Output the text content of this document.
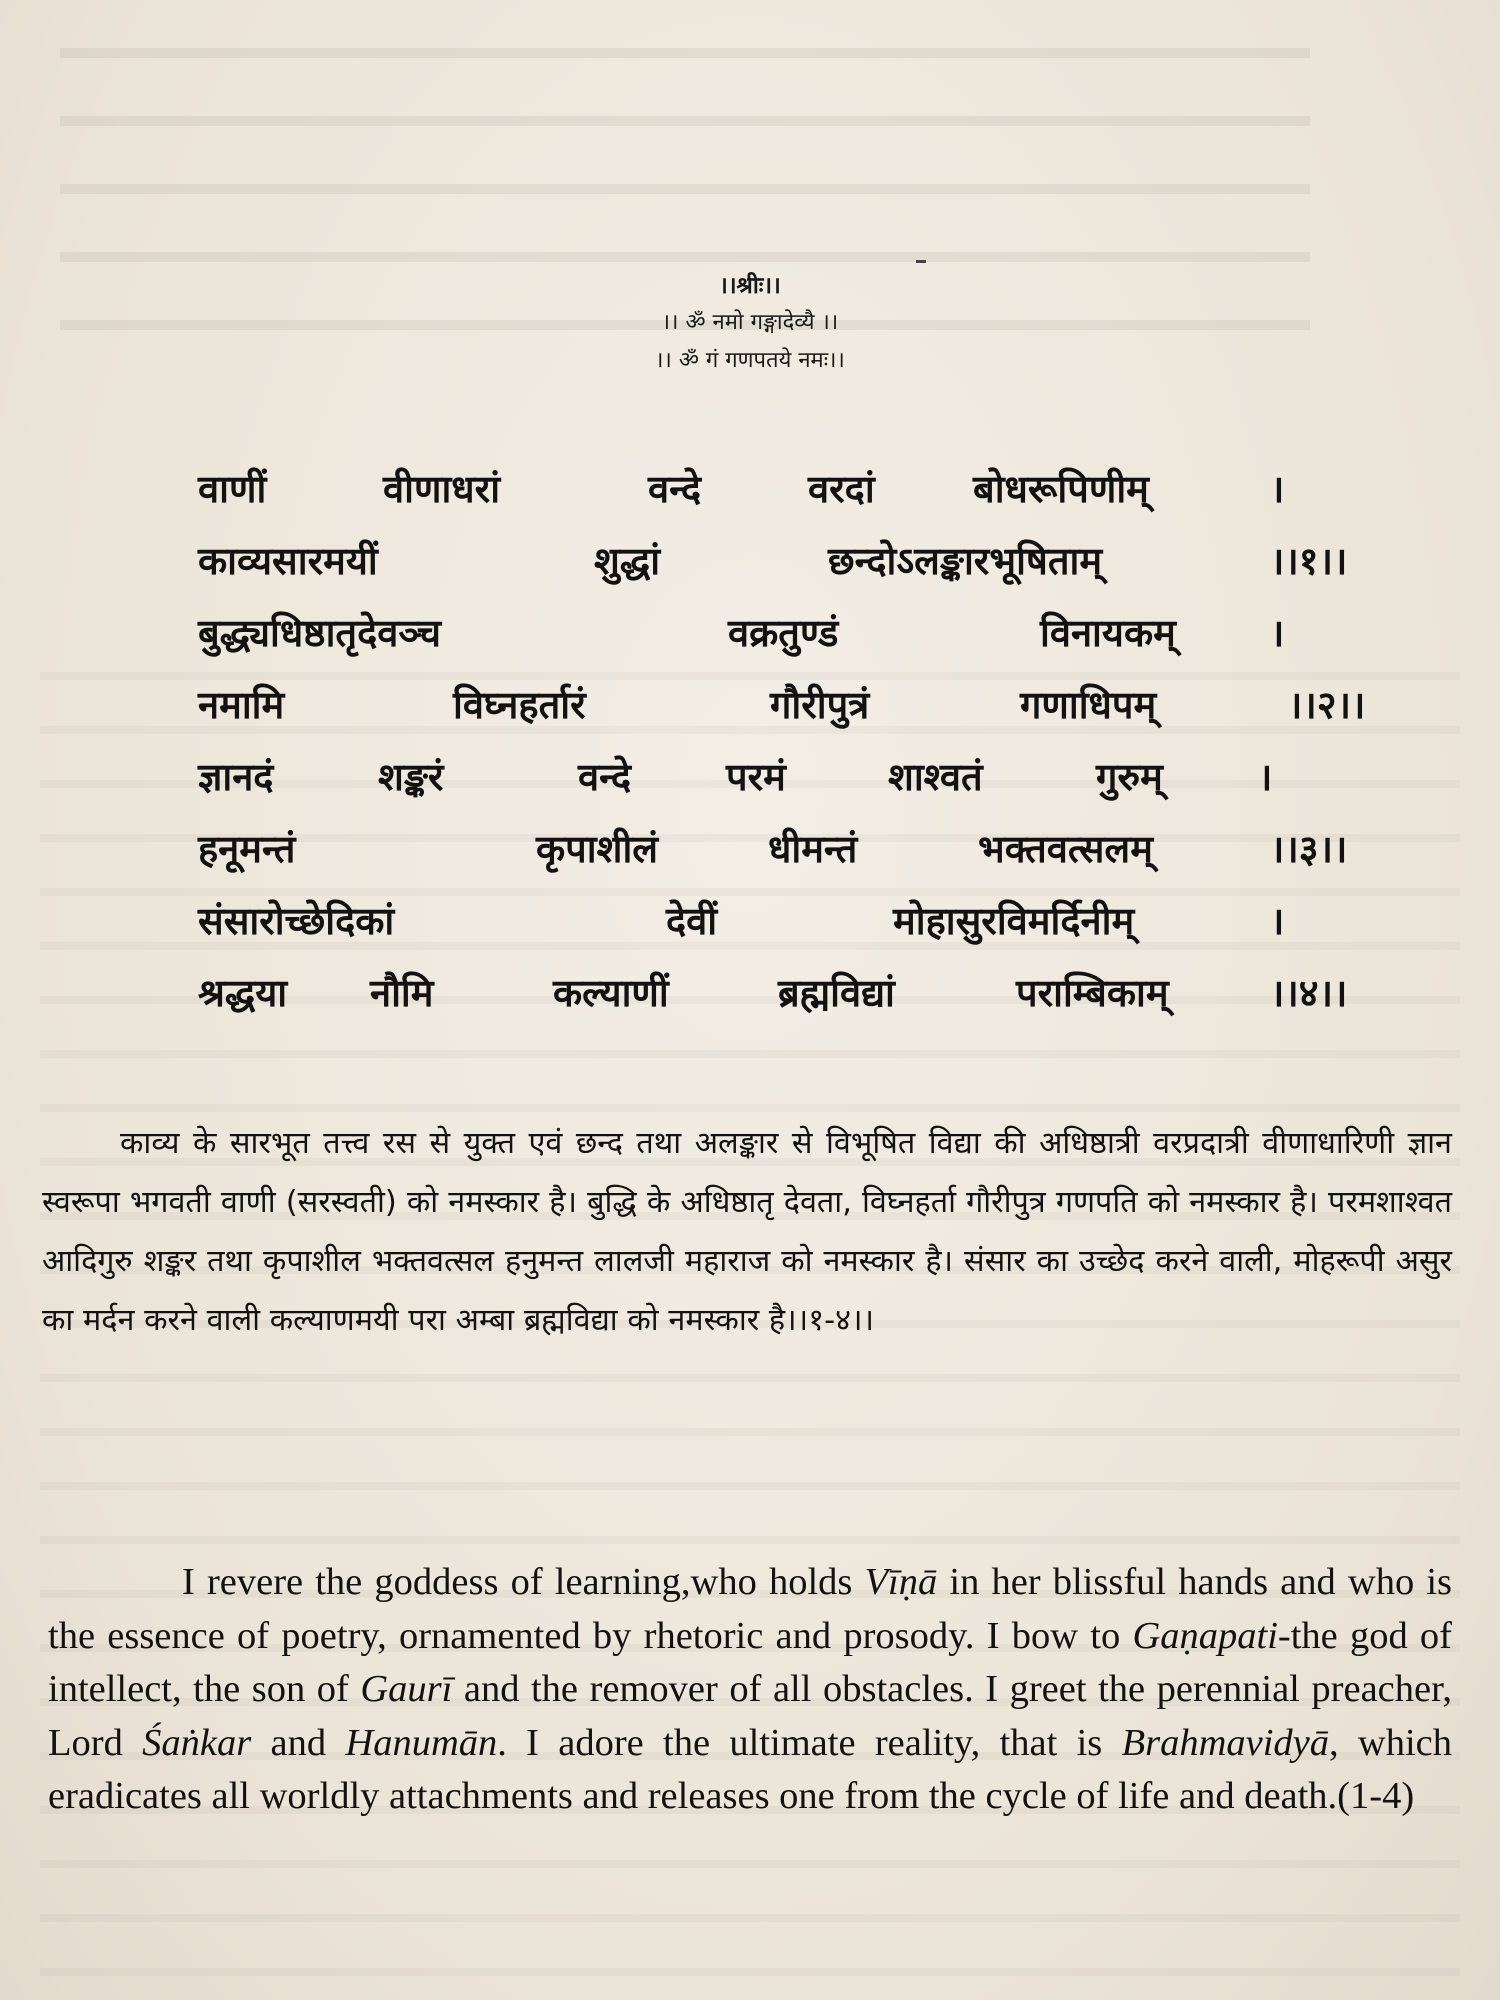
।।श्रीः।।
।। ॐ नमो गङ्गादेव्यै ।।
।। ॐ गं गणपतये नमः।।
वाणीं	वीणाधरां	वन्दे	वरदां	बोधरूपिणीम्	।
काव्यसारमयीं	शुद्धां	छन्दोऽलङ्कारभूषिताम्	।।१।।
बुद्ध्यधिष्ठातृदेवञ्च	वक्रतुण्डं	विनायकम् ।
नमामि	विघ्नहर्तारं	गौरीपुत्रं	गणाधिपम्	।।२।।
ज्ञानदं	शङ्करं	वन्दे परमं	शाश्वतं	गुरुम्	।
हनूमन्तं	कृपाशीलं	धीमन्तं	भक्तवत्सलम्	।।३।।
संसारोच्छेदिकां	देवीं	मोहासुरविमर्दिनीम्	।
श्रद्धया नौमि	कल्याणीं	ब्रह्मविद्यां	पराम्बिकाम्	।।४।।

काव्य के सारभूत तत्त्व रस से युक्त एवं छन्द तथा अलङ्कार से विभूषित विद्या की अधिष्ठात्री वरप्रदात्री वीणाधारिणी ज्ञान स्वरूपा भगवती वाणी (सरस्वती) को नमस्कार है। बुद्धि के अधिष्ठातृ देवता, विघ्नहर्ता गौरीपुत्र गणपति को नमस्कार है। परमशाश्वत आदिगुरु शङ्कर तथा कृपाशील भक्तवत्सल हनुमन्त लालजी महाराज को नमस्कार है। संसार का उच्छेद करने वाली, मोहरूपी असुर का मर्दन करने वाली कल्याणमयी परा अम्बा ब्रह्मविद्या को नमस्कार है।।१-४।।

I revere the goddess of learning,who holds Vīṇā in her blissful hands and who is the essence of poetry, ornamented by rhetoric and prosody. I bow to Gaṇapati-the god of intellect, the son of Gaurī and the remover of all obstacles. I greet the perennial preacher, Lord Śaṅkar and Hanumān. I adore the ultimate reality, that is Brahmavidyā, which eradicates all worldly attachments and releases one from the cycle of life and death.(1-4)
